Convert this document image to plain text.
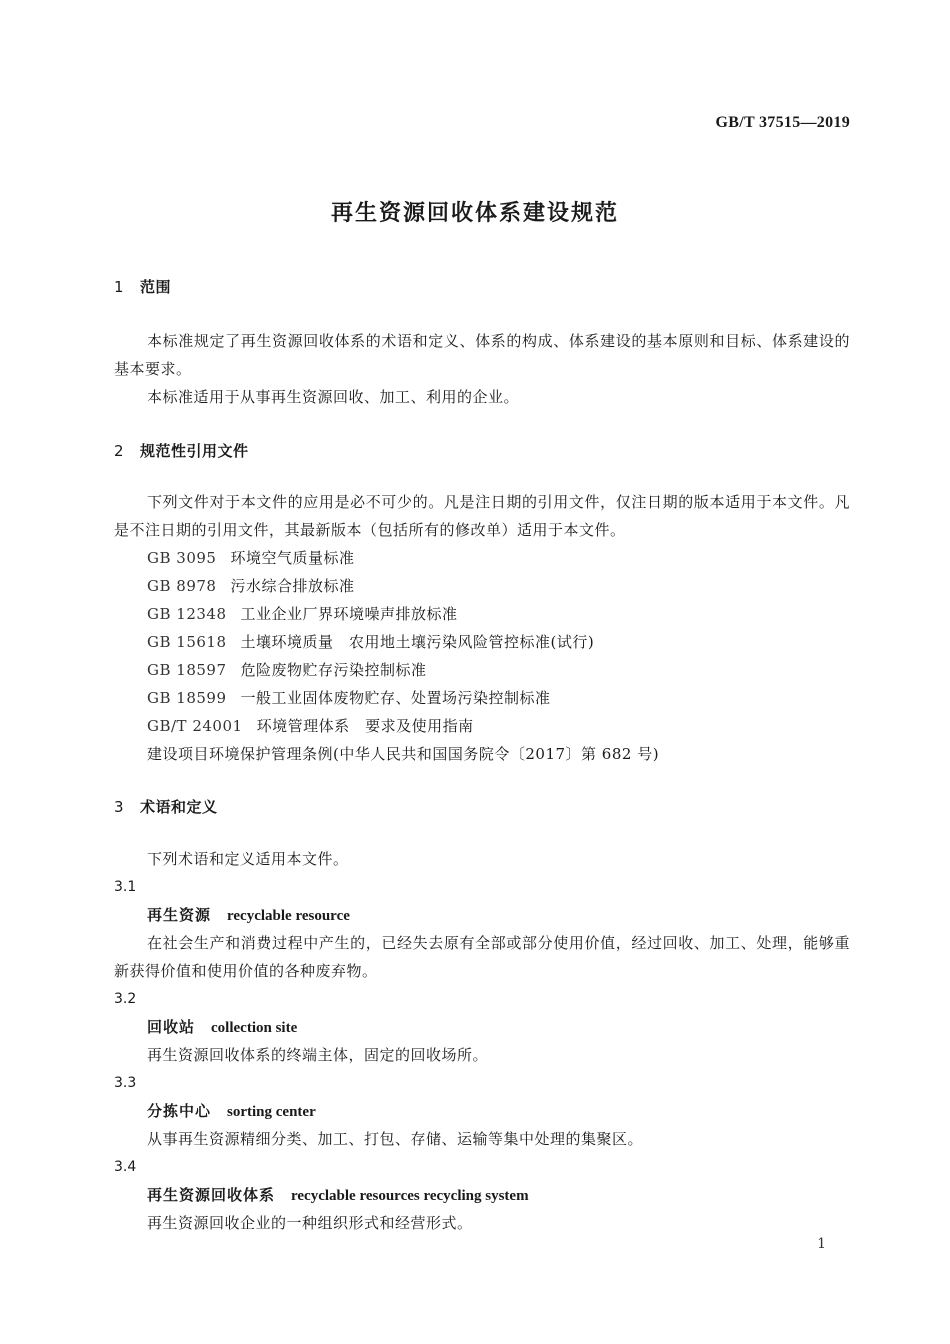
GB/T 37515—2019
再生资源回收体系建设规范
1 范围
本标准规定了再生资源回收体系的术语和定义、体系的构成、体系建设的基本原则和目标、体系建设的基本要求。
本标准适用于从事再生资源回收、加工、利用的企业。
2 规范性引用文件
下列文件对于本文件的应用是必不可少的。凡是注日期的引用文件，仅注日期的版本适用于本文件。凡是不注日期的引用文件，其最新版本（包括所有的修改单）适用于本文件。
GB 3095 环境空气质量标准
GB 8978 污水综合排放标准
GB 12348 工业企业厂界环境噪声排放标准
GB 15618 土壤环境质量　农用地土壤污染风险管控标准(试行)
GB 18597 危险废物贮存污染控制标准
GB 18599 一般工业固体废物贮存、处置场污染控制标准
GB/T 24001 环境管理体系　要求及使用指南
建设项目环境保护管理条例(中华人民共和国国务院令〔2017〕第 682 号)
3 术语和定义
下列术语和定义适用本文件。
3.1
再生资源 recyclable resource
在社会生产和消费过程中产生的，已经失去原有全部或部分使用价值，经过回收、加工、处理，能够重新获得价值和使用价值的各种废弃物。
3.2
回收站 collection site
再生资源回收体系的终端主体，固定的回收场所。
3.3
分拣中心 sorting center
从事再生资源精细分类、加工、打包、存储、运输等集中处理的集聚区。
3.4
再生资源回收体系 recyclable resources recycling system
再生资源回收企业的一种组织形式和经营形式。
1
